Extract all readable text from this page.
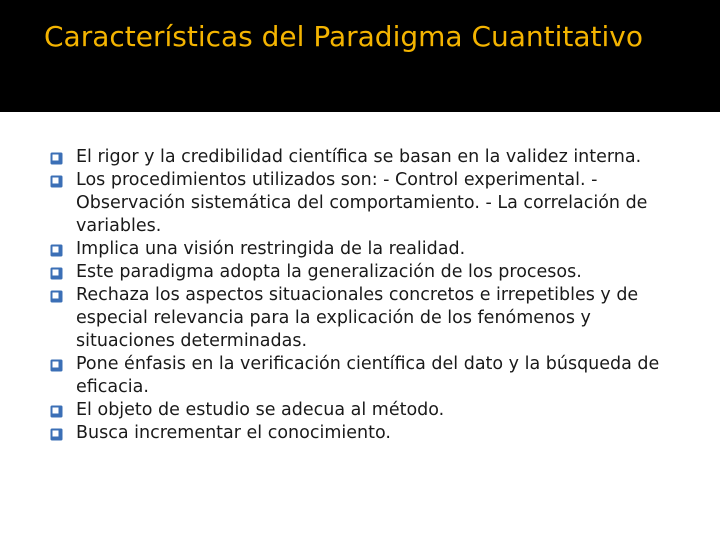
Características del Paradigma Cuantitativo
El rigor y la credibilidad científica se basan en la validez interna.
Los procedimientos utilizados son: - Control experimental. - Observación sistemática del comportamiento. - La correlación de variables.
Implica una visión restringida de la realidad.
Este paradigma adopta la generalización de los procesos.
Rechaza los aspectos situacionales concretos e irrepetibles y de especial relevancia para la explicación de los fenómenos y situaciones determinadas.
Pone énfasis en la verificación científica del dato y la búsqueda de eficacia.
El objeto de estudio se adecua al método.
Busca incrementar el conocimiento.
